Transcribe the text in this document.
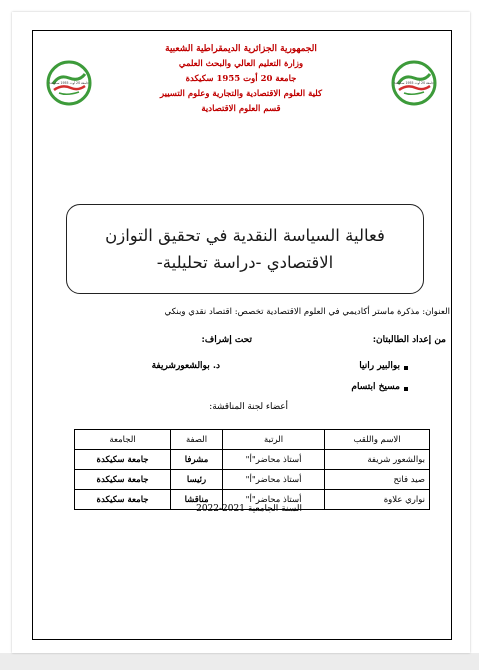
الجمهورية الجزائرية الديمقراطية الشعبية
وزارة التعليم العالي والبحث العلمي
جامعة 20 أوت 1955 سكيكدة
كلية العلوم الاقتصادية والتجارية وعلوم التسيير
قسم العلوم الاقتصادية
جامعة 20 أوت 1955 سكيكدة	جامعة 20 أوت 1955 سكيكدة
فعالية السياسة النقدية في تحقيق التوازن
الاقتصادي -دراسة تحليلية-
العنوان: مذكرة ماستر أكاديمي في العلوم الاقتصادية تخصص: اقتصاد نقدي وبنكي
من إعداد الطالبتان:
تحت إشراف:
بوالبير رانيا
مسيخ ابتسام
د. بوالشعورشريفة
أعضاء لجنة المناقشة:
الاسم واللقب	الرتبة	الصفة	الجامعة
بوالشعور شريفة	أستاذ محاضر"أ"	مشرفا	جامعة سكيكدة
صيد فاتح	أستاذ محاضر"أ"	رئيسا	جامعة سكيكدة
نواري علاوة	أستاذ محاضر"أ"	مناقشا	جامعة سكيكدة
السنة الجامعية 2021-2022
